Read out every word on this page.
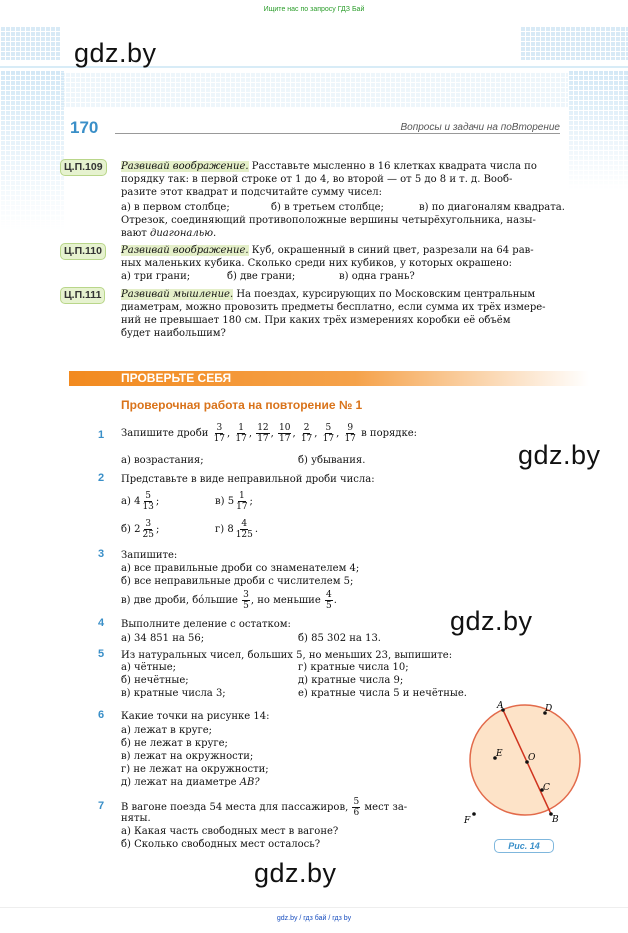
Ищите нас по запросу ГДЗ Бай
gdz.by
170	Вопросы и задачи на поВторение
Ц.П.109	Развивай воображение. Расставьте мысленно в 16 клетках квадрата числа по
порядку так: в первой строке от 1 до 4, во второй — от 5 до 8 и т. д. Вооб-
разите этот квадрат и подсчитайте сумму чисел:
а) в первом столбце;	б) в третьем столбце;	в) по диагоналям квадрата.
Отрезок, соединяющий противоположные вершины четырёхугольника, назы-
вают диагональю.
Ц.П.110	Развивай воображение. Куб, окрашенный в синий цвет, разрезали на 64 рав-
ных маленьких кубика. Сколько среди них кубиков, у которых окрашено:
а) три грани;	б) две грани;	в) одна грань?
Ц.П.111	Развивай мышление. На поездах, курсирующих по Московским центральным
диаметрам, можно провозить предметы бесплатно, если сумма их трёх измере-
ний не превышает 180 см. При каких трёх измерениях коробки её объём
будет наибольшим?
ПРОВЕРЬТЕ СЕБЯ
Проверочная работа на повторение № 1
1 Запишите дроби $\frac{3}{17}$ , $\frac{1}{17}$ , $\frac{12}{17}$ , $\frac{10}{17}$ , $\frac{2}{17}$ , $\frac{5}{17}$ , $\frac{9}{17}$ в порядке:
а) возрастания;	б) убывания.	gdz.by
2 Представьте в виде неправильной дроби числа:
а) $4 \frac{5}{13}$ ;	в) $5 \frac{1}{17}$ ;
б) $2 \frac{3}{25}$ ;	г) $8 \frac{4}{125}$ .
3 Запишите:
а) все правильные дроби со знаменателем 4;
б) все неправильные дроби с числителем 5;
в) две дроби, бóльшие $\frac{3}{5}$ , но меньшие $\frac{4}{5}$ .
gdz.by
4 Выполните деление с остатком:
а) 34 851 на 56;	б) 85 302 на 13.
5 Из натуральных чисел, больших 5, но меньших 23, выпишите:
а) чётные;
б) нечётные;
в) кратные числа 3;
г) кратные числа 10;
д) кратные числа 9;
е) кратные числа 5 и нечётные.
6 Какие точки на рисунке 14:
а) лежат в круге;
б) не лежат в круге;
в) лежат на окружности;
г) не лежат на окружности;
д) лежат на диаметре AB?
7 В вагоне поезда 54 места для пассажиров, $\frac{5}{6}$ мест за-
няты.
а) Какая часть свободных мест в вагоне?
б) Сколько свободных мест осталось?
A	D
E	O
C
B
F
Рис. 14
gdz.by
gdz.by / гдз бай / гдз by
